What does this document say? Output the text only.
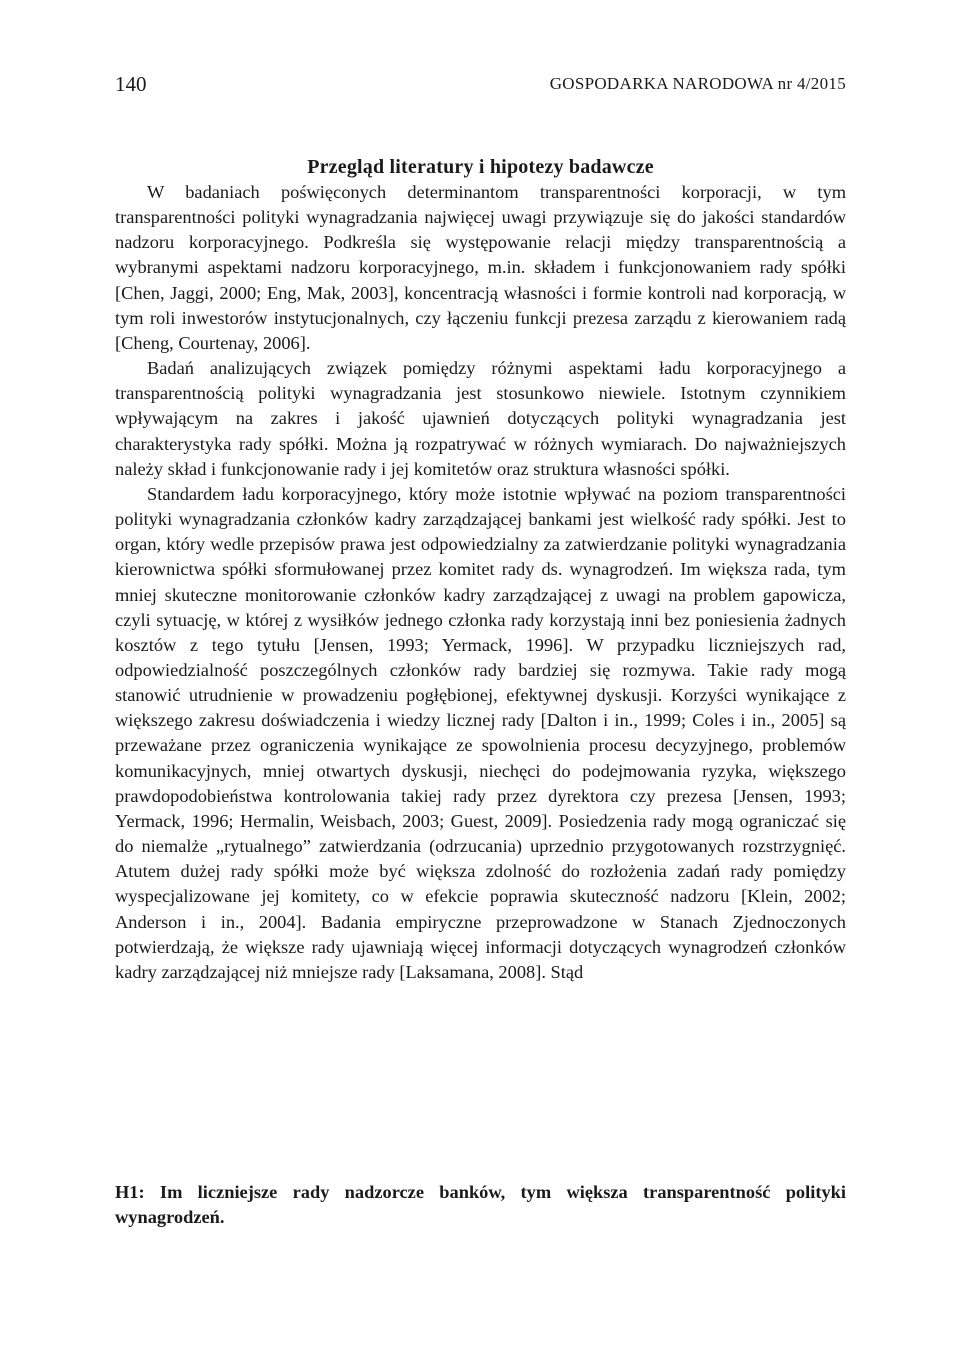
140	GOSPODARKA NARODOWA nr 4/2015
Przegląd literatury i hipotezy badawcze

W badaniach poświęconych determinantom transparentności korporacji, w tym transparentności polityki wynagradzania najwięcej uwagi przywiązuje się do jakości standardów nadzoru korporacyjnego. Podkreśla się występowanie relacji między transparentnością a wybranymi aspektami nadzoru korporacyjnego, m.in. składem i funkcjonowaniem rady spółki [Chen, Jaggi, 2000; Eng, Mak, 2003], koncentracją własności i formie kontroli nad korporacją, w tym roli inwestorów instytucjonalnych, czy łączeniu funkcji prezesa zarządu z kierowaniem radą [Cheng, Courtenay, 2006].

Badań analizujących związek pomiędzy różnymi aspektami ładu korporacyjnego a transparentnością polityki wynagradzania jest stosunkowo niewiele. Istotnym czynnikiem wpływającym na zakres i jakość ujawnień dotyczących polityki wynagradzania jest charakterystyka rady spółki. Można ją rozpatrywać w różnych wymiarach. Do najważniejszych należy skład i funkcjonowanie rady i jej komitetów oraz struktura własności spółki.

Standardem ładu korporacyjnego, który może istotnie wpływać na poziom transparentności polityki wynagradzania członków kadry zarządzającej bankami jest wielkość rady spółki. Jest to organ, który wedle przepisów prawa jest odpowiedzialny za zatwierdzanie polityki wynagradzania kierownictwa spółki sformułowanej przez komitet rady ds. wynagrodzeń. Im większa rada, tym mniej skuteczne monitorowanie członków kadry zarządzającej z uwagi na problem gapowicza, czyli sytuację, w której z wysiłków jednego członka rady korzystają inni bez poniesienia żadnych kosztów z tego tytułu [Jensen, 1993; Yermack, 1996]. W przypadku liczniejszych rad, odpowiedzialność poszczególnych członków rady bardziej się rozmywa. Takie rady mogą stanowić utrudnienie w prowadzeniu pogłębionej, efektywnej dyskusji. Korzyści wynikające z większego zakresu doświadczenia i wiedzy licznej rady [Dalton i in., 1999; Coles i in., 2005] są przeważane przez ograniczenia wynikające ze spowolnienia procesu decyzyjnego, problemów komunikacyjnych, mniej otwartych dyskusji, niechęci do podejmowania ryzyka, większego prawdopodobieństwa kontrolowania takiej rady przez dyrektora czy prezesa [Jensen, 1993; Yermack, 1996; Hermalin, Weisbach, 2003; Guest, 2009]. Posiedzenia rady mogą ograniczać się do niemalże „rytualnego” zatwierdzania (odrzucania) uprzednio przygotowanych rozstrzygnięć. Atutem dużej rady spółki może być większa zdolność do rozłożenia zadań rady pomiędzy wyspecjalizowane jej komitety, co w efekcie poprawia skuteczność nadzoru [Klein, 2002; Anderson i in., 2004]. Badania empiryczne przeprowadzone w Stanach Zjednoczonych potwierdzają, że większe rady ujawniają więcej informacji dotyczących wynagrodzeń członków kadry zarządzającej niż mniejsze rady [Laksamana, 2008]. Stąd

H1: Im liczniejsze rady nadzorcze banków, tym większa transparentność polityki wynagrodzeń.
